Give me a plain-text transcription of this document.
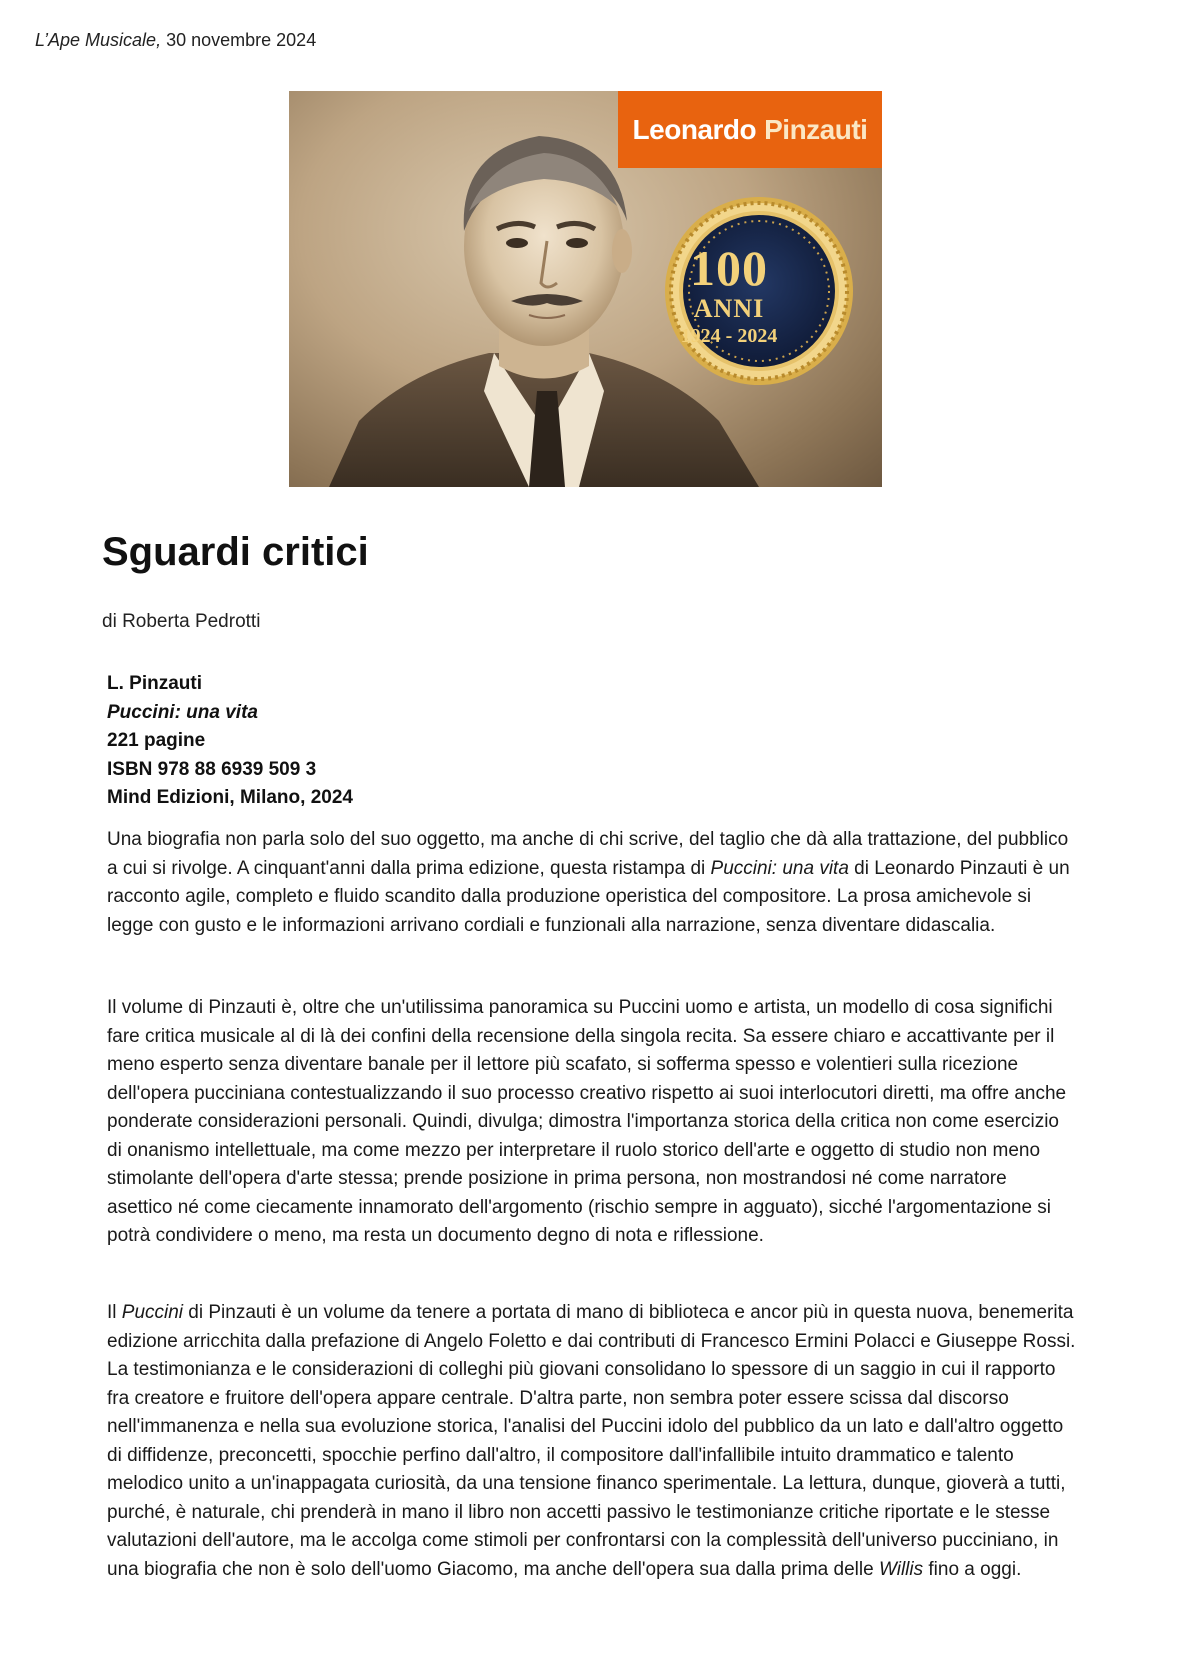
L’Ape Musicale, 30 novembre 2024
Leonardo Pinzauti
100
ANNI
1924 - 2024
Sguardi critici
di Roberta Pedrotti
L. Pinzauti
Puccini: una vita
221 pagine
ISBN 978 88 6939 509 3
Mind Edizioni, Milano, 2024

Una biografia non parla solo del suo oggetto, ma anche di chi scrive, del taglio che dà alla trattazione, del pubblico a cui si rivolge. A cinquant'anni dalla prima edizione, questa ristampa di Puccini: una vita di Leonardo Pinzauti è un racconto agile, completo e fluido scandito dalla produzione operistica del compositore. La prosa amichevole si legge con gusto e le informazioni arrivano cordiali e funzionali alla narrazione, senza diventare didascalia.

Il volume di Pinzauti è, oltre che un'utilissima panoramica su Puccini uomo e artista, un modello di cosa significhi fare critica musicale al di là dei confini della recensione della singola recita. Sa essere chiaro e accattivante per il meno esperto senza diventare banale per il lettore più scafato, si sofferma spesso e volentieri sulla ricezione dell'opera pucciniana contestualizzando il suo processo creativo rispetto ai suoi interlocutori diretti, ma offre anche ponderate considerazioni personali. Quindi, divulga; dimostra l'importanza storica della critica non come esercizio di onanismo intellettuale, ma come mezzo per interpretare il ruolo storico dell'arte e oggetto di studio non meno stimolante dell'opera d'arte stessa; prende posizione in prima persona, non mostrandosi né come narratore asettico né come ciecamente innamorato dell'argomento (rischio sempre in agguato), sicché l'argomentazione si potrà condividere o meno, ma resta un documento degno di nota e riflessione.

Il Puccini di Pinzauti è un volume da tenere a portata di mano di biblioteca e ancor più in questa nuova, benemerita edizione arricchita dalla prefazione di Angelo Foletto e dai contributi di Francesco Ermini Polacci e Giuseppe Rossi. La testimonianza e le considerazioni di colleghi più giovani consolidano lo spessore di un saggio in cui il rapporto fra creatore e fruitore dell'opera appare centrale. D'altra parte, non sembra poter essere scissa dal discorso nell'immanenza e nella sua evoluzione storica, l'analisi del Puccini idolo del pubblico da un lato e dall'altro oggetto di diffidenze, preconcetti, spocchie perfino dall'altro, il compositore dall'infallibile intuito drammatico e talento melodico unito a un'inappagata curiosità, da una tensione financo sperimentale. La lettura, dunque, gioverà a tutti, purché, è naturale, chi prenderà in mano il libro non accetti passivo le testimonianze critiche riportate e le stesse valutazioni dell'autore, ma le accolga come stimoli per confrontarsi con la complessità dell'universo pucciniano, in una biografia che non è solo dell'uomo Giacomo, ma anche dell'opera sua dalla prima delle Willis fino a oggi.
